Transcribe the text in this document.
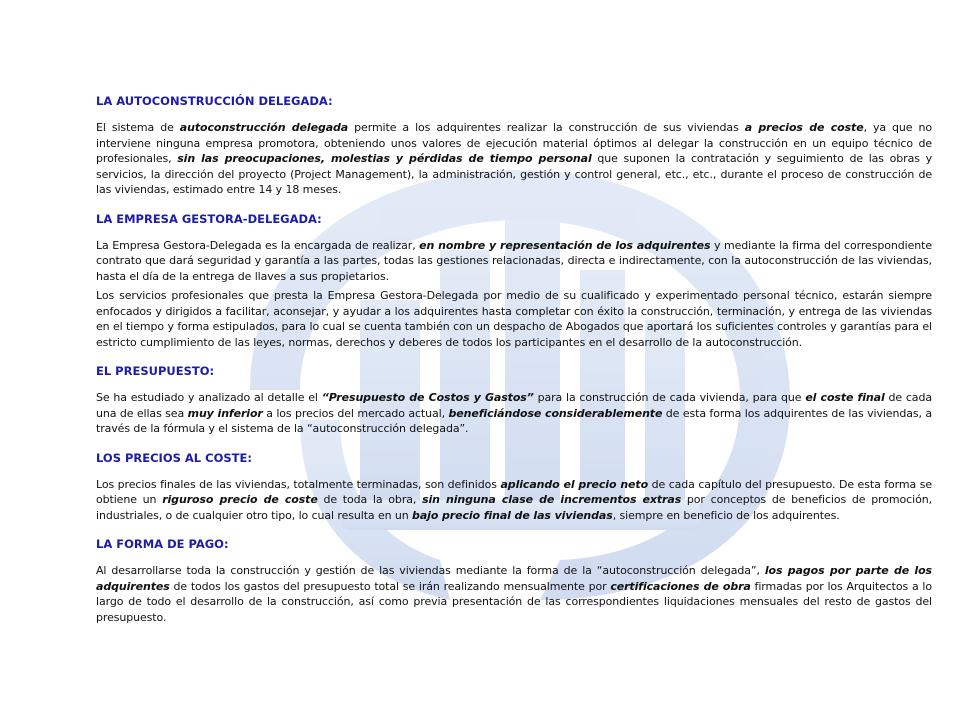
LA AUTOCONSTRUCCIÓN DELEGADA:

El sistema de autoconstrucción delegada permite a los adquirentes realizar la construcción de sus viviendas a precios de coste, ya que no interviene ninguna empresa promotora, obteniendo unos valores de ejecución material óptimos al delegar la construcción en un equipo técnico de profesionales, sin las preocupaciones, molestias y pérdidas de tiempo personal que suponen la contratación y seguimiento de las obras y servicios, la dirección del proyecto (Project Management), la administración, gestión y control general, etc., etc., durante el proceso de construcción de las viviendas, estimado entre 14 y 18 meses.

LA EMPRESA GESTORA-DELEGADA:

La Empresa Gestora-Delegada es la encargada de realizar, en nombre y representación de los adquirentes y mediante la firma del correspondiente contrato que dará seguridad y garantía a las partes, todas las gestiones relacionadas, directa e indirectamente, con la autoconstrucción de las viviendas, hasta el día de la entrega de llaves a sus propietarios.

Los servicios profesionales que presta la Empresa Gestora-Delegada por medio de su cualificado y experimentado personal técnico, estarán siempre enfocados y dirigidos a facilitar, aconsejar, y ayudar a los adquirentes hasta completar con éxito la construcción, terminación, y entrega de las viviendas en el tiempo y forma estipulados, para lo cual se cuenta también con un despacho de Abogados que aportará los suficientes controles y garantías para el estricto cumplimiento de las leyes, normas, derechos y deberes de todos los participantes en el desarrollo de la autoconstrucción.

EL PRESUPUESTO:

Se ha estudiado y analizado al detalle el “Presupuesto de Costos y Gastos” para la construcción de cada vivienda, para que el coste final de cada una de ellas sea muy inferior a los precios del mercado actual, beneficiándose considerablemente de esta forma los adquirentes de las viviendas, a través de la fórmula y el sistema de la “autoconstrucción delegada”.

LOS PRECIOS AL COSTE:

Los precios finales de las viviendas, totalmente terminadas, son definidos aplicando el precio neto de cada capítulo del presupuesto. De esta forma se obtiene un riguroso precio de coste de toda la obra, sin ninguna clase de incrementos extras por conceptos de beneficios de promoción, industriales, o de cualquier otro tipo, lo cual resulta en un bajo precio final de las viviendas, siempre en beneficio de los adquirentes.

LA FORMA DE PAGO:

Al desarrollarse toda la construcción y gestión de las viviendas mediante la forma de la “autoconstrucción delegada”, los pagos por parte de los adquirentes de todos los gastos del presupuesto total se irán realizando mensualmente por certificaciones de obra firmadas por los Arquitectos a lo largo de todo el desarrollo de la construcción, así como previa presentación de las correspondientes liquidaciones mensuales del resto de gastos del presupuesto.
